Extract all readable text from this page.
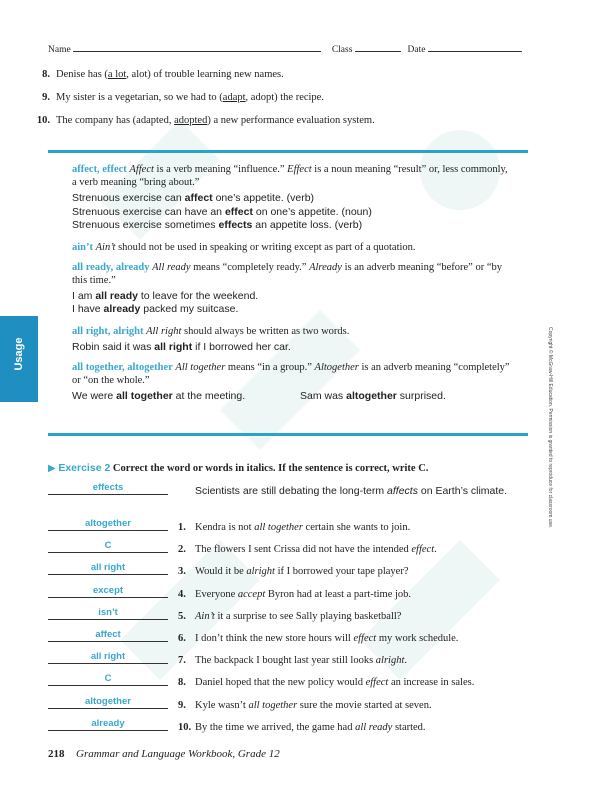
Name	Class	Date
8. Denise has (a lot, alot) of trouble learning new names.
9. My sister is a vegetarian, so we had to (adapt, adopt) the recipe.
10. The company has (adapted, adopted) a new performance evaluation system.
affect, effect Affect is a verb meaning “influence.” Effect is a noun meaning “result” or, less commonly, a verb meaning “bring about.”
Strenuous exercise can affect one’s appetite. (verb)
Strenuous exercise can have an effect on one’s appetite. (noun)
Strenuous exercise sometimes effects an appetite loss. (verb)
ain’t Ain’t should not be used in speaking or writing except as part of a quotation.
all ready, already All ready means “completely ready.” Already is an adverb meaning “before” or “by this time.”
I am all ready to leave for the weekend.
I have already packed my suitcase.
all right, alright All right should always be written as two words.
Robin said it was all right if I borrowed her car.
all together, altogether All together means “in a group.” Altogether is an adverb meaning “completely” or “on the whole.”
We were all together at the meeting.	Sam was altogether surprised.
Usage	Copyright © McGraw-Hill Education. Permission is granted to reproduce for classroom use.
▶ Exercise 2 Correct the word or words in italics. If the sentence is correct, write C.
effects	Scientists are still debating the long-term affects on Earth’s climate.
altogether	1. Kendra is not all together certain she wants to join.
C	2. The flowers I sent Crissa did not have the intended effect.
all right	3. Would it be alright if I borrowed your tape player?
except	4. Everyone accept Byron had at least a part-time job.
isn’t	5. Ain’t it a surprise to see Sally playing basketball?
affect	6. I don’t think the new store hours will effect my work schedule.
all right	7. The backpack I bought last year still looks alright.
C	8. Daniel hoped that the new policy would effect an increase in sales.
altogether	9. Kyle wasn’t all together sure the movie started at seven.
already	10. By the time we arrived, the game had all ready started.
218 Grammar and Language Workbook, Grade 12
